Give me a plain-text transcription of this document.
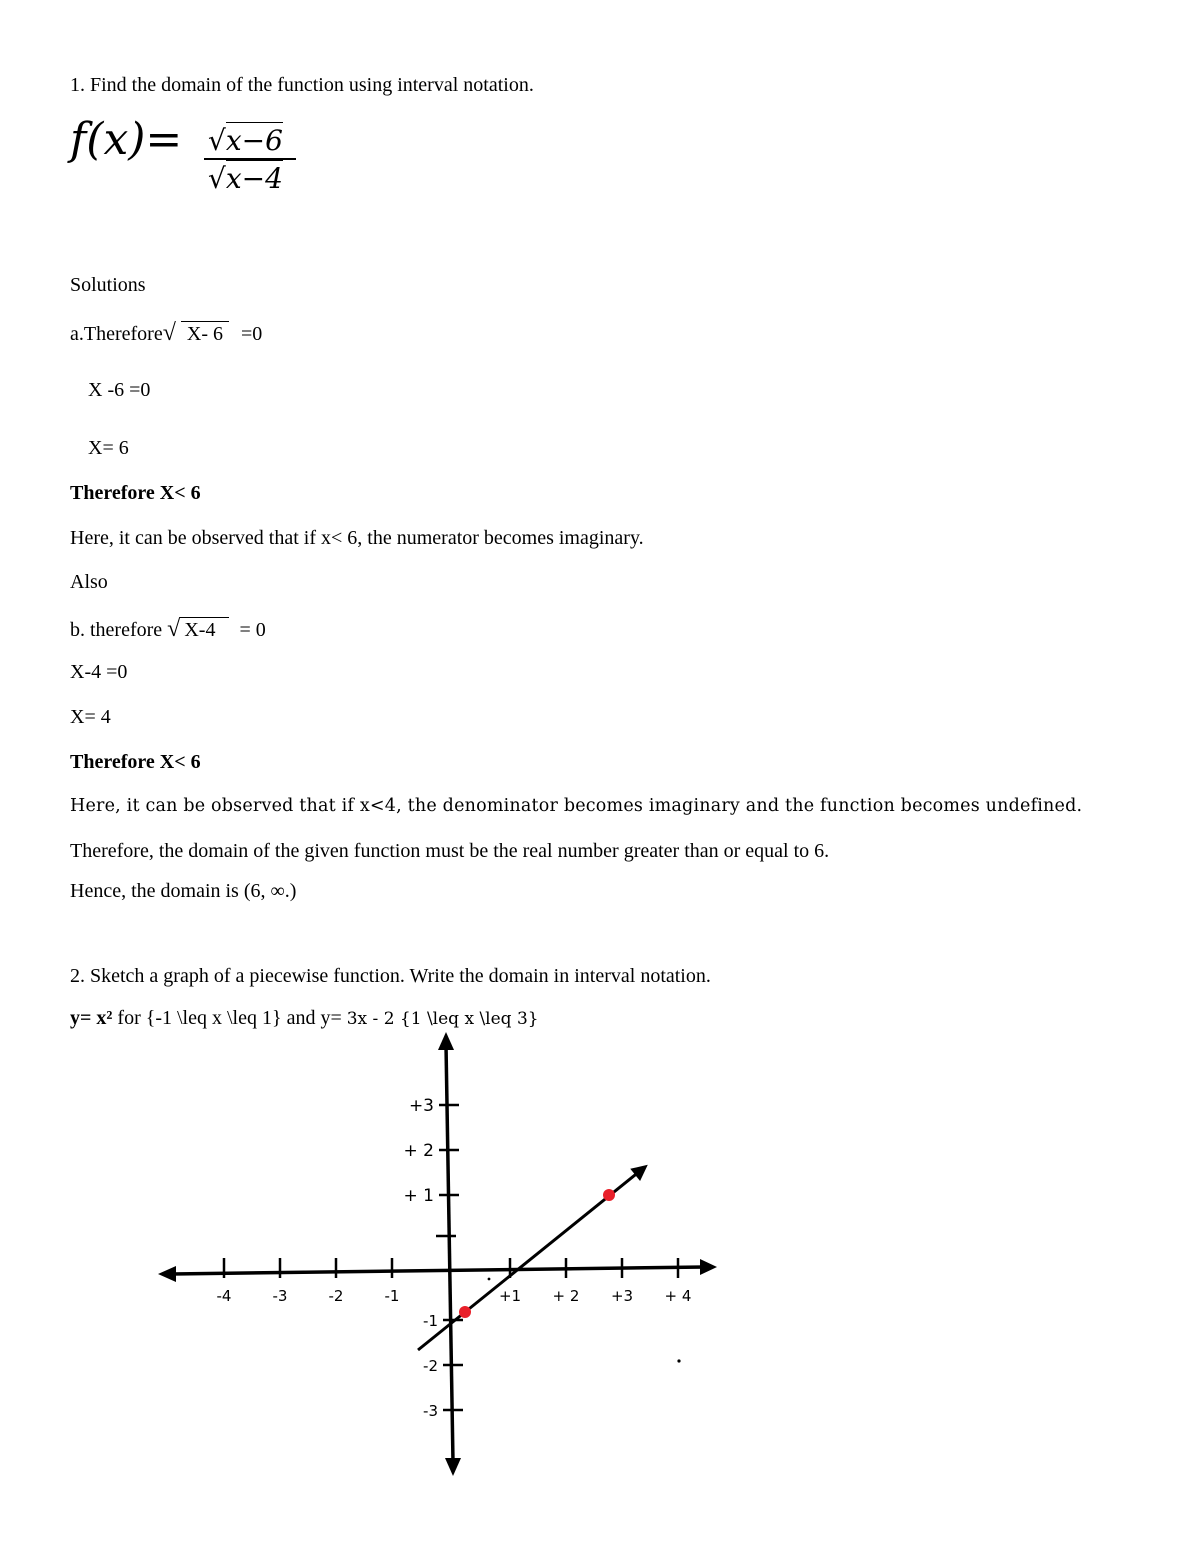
1. Find the domain of the function using interval notation.
f(x)= √x−6
√x−4
Solutions
a.Therefore√ X- 6 =0
X -6 =0
X= 6
Therefore X< 6
Here, it can be observed that if x< 6, the numerator becomes imaginary.
Also
b. therefore √ X-4 = 0
X-4 =0
X= 4
Therefore X< 6
Here, it can be observed that if x<4, the denominator becomes imaginary and the function becomes undefined.
Therefore, the domain of the given function must be the real number greater than or equal to 6.
Hence, the domain is (6, ∞.)
2. Sketch a graph of a piecewise function. Write the domain in interval notation.
y= x² for {-1 \leq x \leq 1} and y= 3x - 2 {1 \leq x \leq 3}
-4	-3	-2	-1	+1 + 2 +3 + 4
+3
+ 2
+ 1
-1
-2
-3
